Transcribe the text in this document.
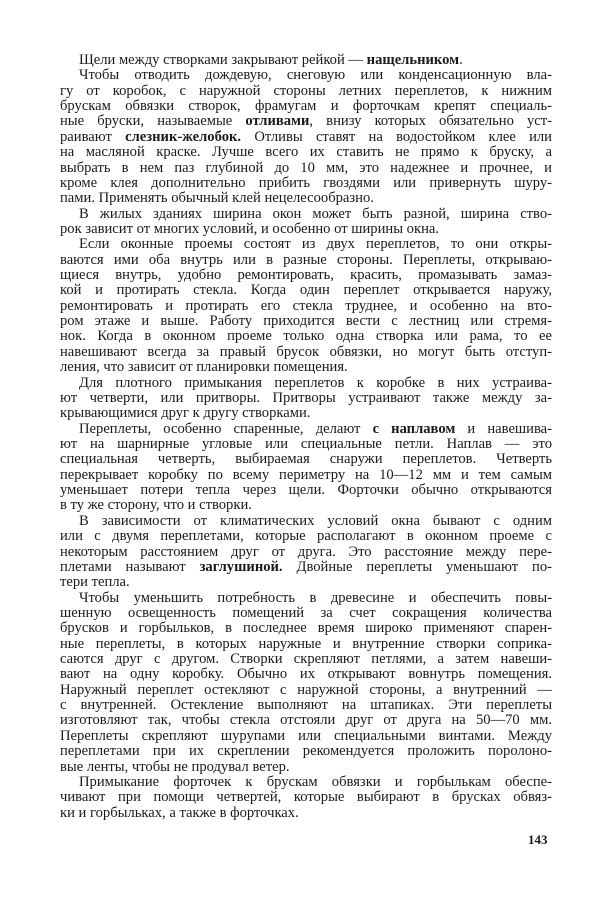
Щели между створками закрывают рейкой — нащельником.
Чтобы отводить дождевую, снеговую или конденсационную вла-
гу от коробок, с наружной стороны летних переплетов, к нижним
брускам обвязки створок, фрамугам и форточкам крепят специаль-
ные бруски, называемые отливами, внизу которых обязательно уст-
раивают слезник-желобок. Отливы ставят на водостойком клее или
на масляной краске. Лучше всего их ставить не прямо к бруску, а
выбрать в нем паз глубиной до 10 мм, это надежнее и прочнее, и
кроме клея дополнительно прибить гвоздями или привернуть шуру-
пами. Применять обычный клей нецелесообразно.
В жилых зданиях ширина окон может быть разной, ширина ство-
рок зависит от многих условий, и особенно от ширины окна.
Если оконные проемы состоят из двух переплетов, то они откры-
ваются ими оба внутрь или в разные стороны. Переплеты, открываю-
щиеся внутрь, удобно ремонтировать, красить, промазывать замаз-
кой и протирать стекла. Когда один переплет открывается наружу,
ремонтировать и протирать его стекла труднее, и особенно на вто-
ром этаже и выше. Работу приходится вести с лестниц или стремя-
нок. Когда в оконном проеме только одна створка или рама, то ее
навешивают всегда за правый брусок обвязки, но могут быть отступ-
ления, что зависит от планировки помещения.
Для плотного примыкания переплетов к коробке в них устраива-
ют четверти, или притворы. Притворы устраивают также между за-
крывающимися друг к другу створками.
Переплеты, особенно спаренные, делают с наплавом и навешива-
ют на шарнирные угловые или специальные петли. Наплав — это
специальная четверть, выбираемая снаружи переплетов. Четверть
перекрывает коробку по всему периметру на 10—12 мм и тем самым
уменьшает потери тепла через щели. Форточки обычно открываются
в ту же сторону, что и створки.
В зависимости от климатических условий окна бывают с одним
или с двумя переплетами, которые располагают в оконном проеме с
некоторым расстоянием друг от друга. Это расстояние между пере-
плетами называют заглушиной. Двойные переплеты уменьшают по-
тери тепла.
Чтобы уменьшить потребность в древесине и обеспечить повы-
шенную освещенность помещений за счет сокращения количества
брусков и горбыльков, в последнее время широко применяют спарен-
ные переплеты, в которых наружные и внутренние створки соприка-
саются друг с другом. Створки скрепляют петлями, а затем навеши-
вают на одну коробку. Обычно их открывают вовнутрь помещения.
Наружный переплет остекляют с наружной стороны, а внутренний —
с внутренней. Остекление выполняют на штапиках. Эти переплеты
изготовляют так, чтобы стекла отстояли друг от друга на 50—70 мм.
Переплеты скрепляют шурупами или специальными винтами. Между
переплетами при их скреплении рекомендуется проложить поролоно-
вые ленты, чтобы не продувал ветер.
Примыкание форточек к брускам обвязки и горбылькам обеспе-
чивают при помощи четвертей, которые выбирают в брусках обвяз-
ки и горбыльках, а также в форточках.
143
